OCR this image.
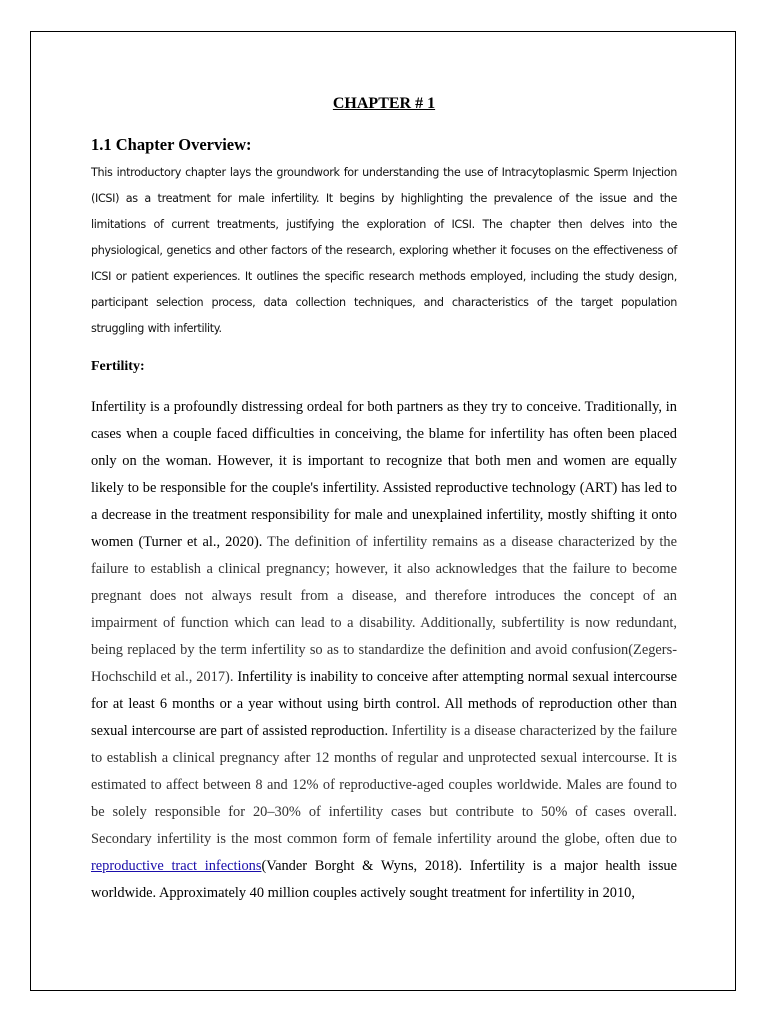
CHAPTER # 1
1.1 Chapter Overview:

This introductory chapter lays the groundwork for understanding the use of Intracytoplasmic Sperm Injection (ICSI) as a treatment for male infertility. It begins by highlighting the prevalence of the issue and the limitations of current treatments, justifying the exploration of ICSI. The chapter then delves into the physiological, genetics and other factors of the research, exploring whether it focuses on the effectiveness of ICSI or patient experiences. It outlines the specific research methods employed, including the study design, participant selection process, data collection techniques, and characteristics of the target population struggling with infertility.

Fertility:

Infertility is a profoundly distressing ordeal for both partners as they try to conceive. Traditionally, in cases when a couple faced difficulties in conceiving, the blame for infertility has often been placed only on the woman. However, it is important to recognize that both men and women are equally likely to be responsible for the couple's infertility. Assisted reproductive technology (ART) has led to a decrease in the treatment responsibility for male and unexplained infertility, mostly shifting it onto women (Turner et al., 2020). The definition of infertility remains as a disease characterized by the failure to establish a clinical pregnancy; however, it also acknowledges that the failure to become pregnant does not always result from a disease, and therefore introduces the concept of an impairment of function which can lead to a disability. Additionally, subfertility is now redundant, being replaced by the term infertility so as to standardize the definition and avoid confusion(Zegers-Hochschild et al., 2017). Infertility is inability to conceive after attempting normal sexual intercourse for at least 6 months or a year without using birth control. All methods of reproduction other than sexual intercourse are part of assisted reproduction. Infertility is a disease characterized by the failure to establish a clinical pregnancy after 12 months of regular and unprotected sexual intercourse. It is estimated to affect between 8 and 12% of reproductive-aged couples worldwide. Males are found to be solely responsible for 20–30% of infertility cases but contribute to 50% of cases overall. Secondary infertility is the most common form of female infertility around the globe, often due to reproductive tract infections(Vander Borght & Wyns, 2018). Infertility is a major health issue worldwide. Approximately 40 million couples actively sought treatment for infertility in 2010,
